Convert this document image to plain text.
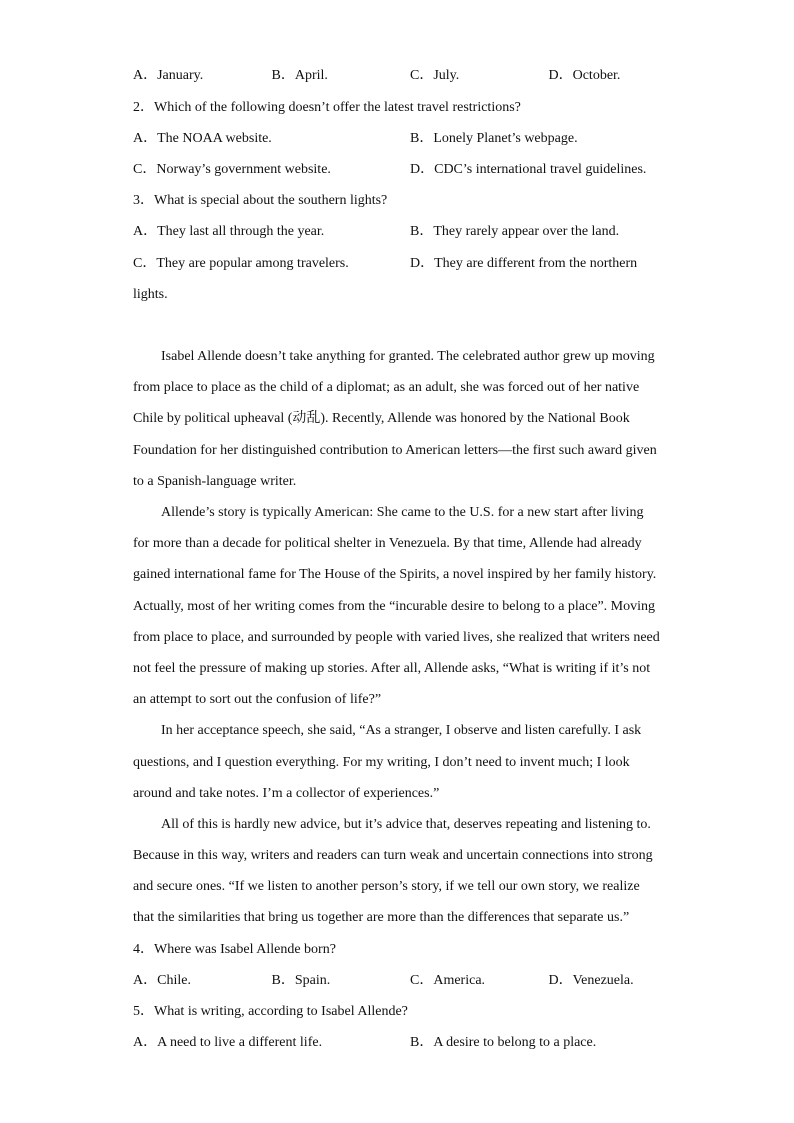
A．January.	B．April.	C．July.	D．October.
2．Which of the following doesn’t offer the latest travel restrictions?
A．The NOAA website.	B．Lonely Planet’s webpage.
C．Norway’s government website.	D．CDC’s international travel guidelines.
3．What is special about the southern lights?
A．They last all through the year.	B．They rarely appear over the land.
C．They are popular among travelers.	D．They are different from the northern
lights.
Isabel Allende doesn’t take anything for granted. The celebrated author grew up moving
from place to place as the child of a diplomat; as an adult, she was forced out of her native
Chile by political upheaval (动乱). Recently, Allende was honored by the National Book
Foundation for her distinguished contribution to American letters—the first such award given
to a Spanish-language writer.
Allende’s story is typically American: She came to the U.S. for a new start after living
for more than a decade for political shelter in Venezuela. By that time, Allende had already
gained international fame for The House of the Spirits, a novel inspired by her family history.
Actually, most of her writing comes from the “incurable desire to belong to a place”. Moving
from place to place, and surrounded by people with varied lives, she realized that writers need
not feel the pressure of making up stories. After all, Allende asks, “What is writing if it’s not
an attempt to sort out the confusion of life?”
In her acceptance speech, she said, “As a stranger, I observe and listen carefully. I ask
questions, and I question everything. For my writing, I don’t need to invent much; I look
around and take notes. I’m a collector of experiences.”
All of this is hardly new advice, but it’s advice that, deserves repeating and listening to.
Because in this way, writers and readers can turn weak and uncertain connections into strong
and secure ones. “If we listen to another person’s story, if we tell our own story, we realize
that the similarities that bring us together are more than the differences that separate us.”
4．Where was Isabel Allende born?
A．Chile.	B．Spain.	C．America.	D．Venezuela.
5．What is writing, according to Isabel Allende?
A．A need to live a different life.	B．A desire to belong to a place.
